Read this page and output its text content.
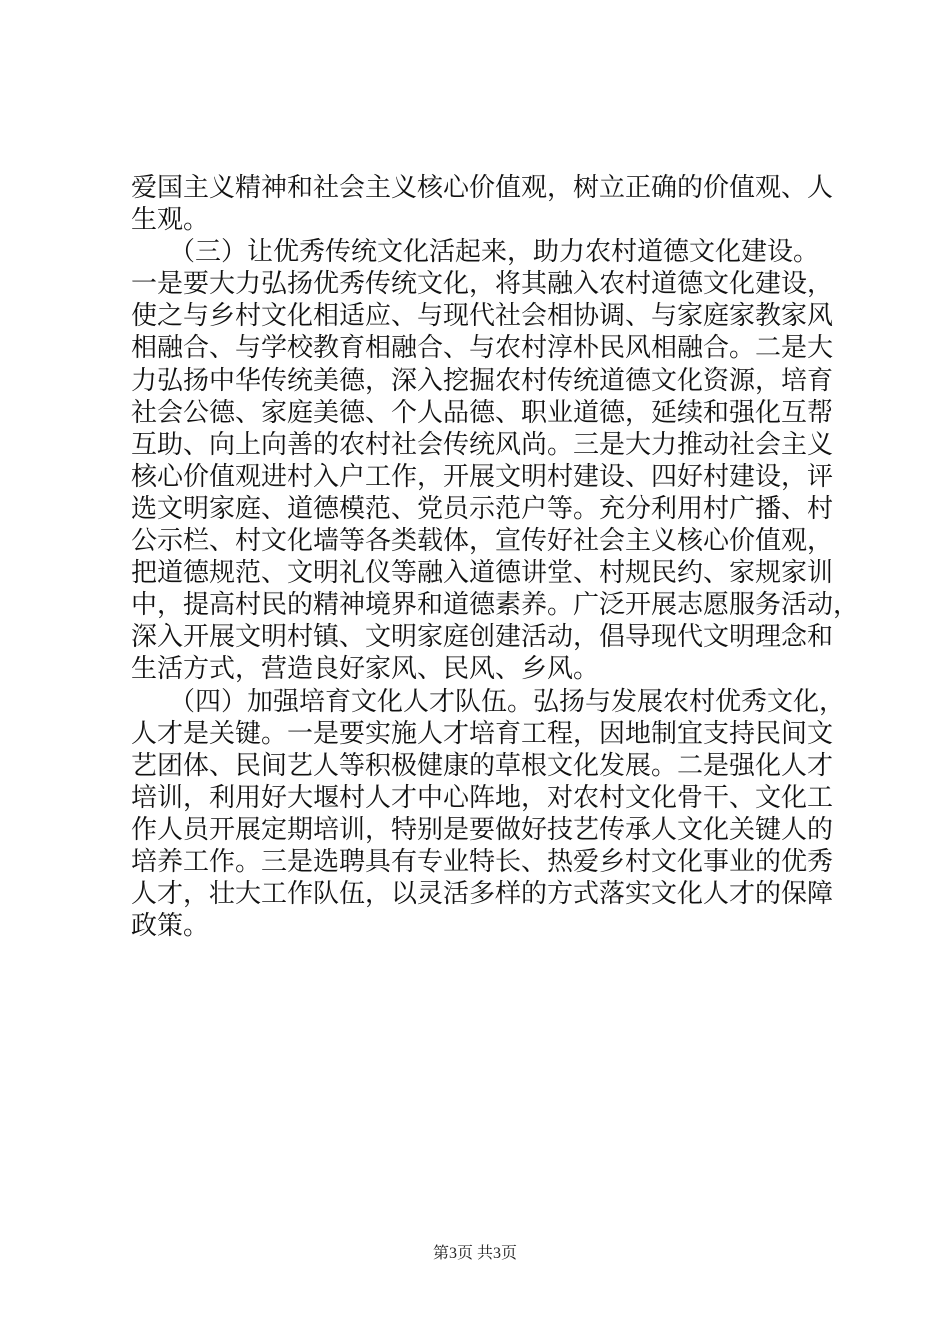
爱国主义精神和社会主义核心价值观，树立正确的价值观、人
生观。
（三）让优秀传统文化活起来，助力农村道德文化建设。
一是要大力弘扬优秀传统文化，将其融入农村道德文化建设，
使之与乡村文化相适应、与现代社会相协调、与家庭家教家风
相融合、与学校教育相融合、与农村淳朴民风相融合。二是大
力弘扬中华传统美德，深入挖掘农村传统道德文化资源，培育
社会公德、家庭美德、个人品德、职业道德，延续和强化互帮
互助、向上向善的农村社会传统风尚。三是大力推动社会主义
核心价值观进村入户工作，开展文明村建设、四好村建设，评
选文明家庭、道德模范、党员示范户等。充分利用村广播、村
公示栏、村文化墙等各类载体，宣传好社会主义核心价值观，
把道德规范、文明礼仪等融入道德讲堂、村规民约、家规家训
中，提高村民的精神境界和道德素养。广泛开展志愿服务活动，
深入开展文明村镇、文明家庭创建活动，倡导现代文明理念和
生活方式，营造良好家风、民风、乡风。
（四）加强培育文化人才队伍。弘扬与发展农村优秀文化，
人才是关键。一是要实施人才培育工程，因地制宜支持民间文
艺团体、民间艺人等积极健康的草根文化发展。二是强化人才
培训，利用好大堰村人才中心阵地，对农村文化骨干、文化工
作人员开展定期培训，特别是要做好技艺传承人文化关键人的
培养工作。三是选聘具有专业特长、热爱乡村文化事业的优秀
人才，壮大工作队伍，以灵活多样的方式落实文化人才的保障
政策。
第3页 共3页
